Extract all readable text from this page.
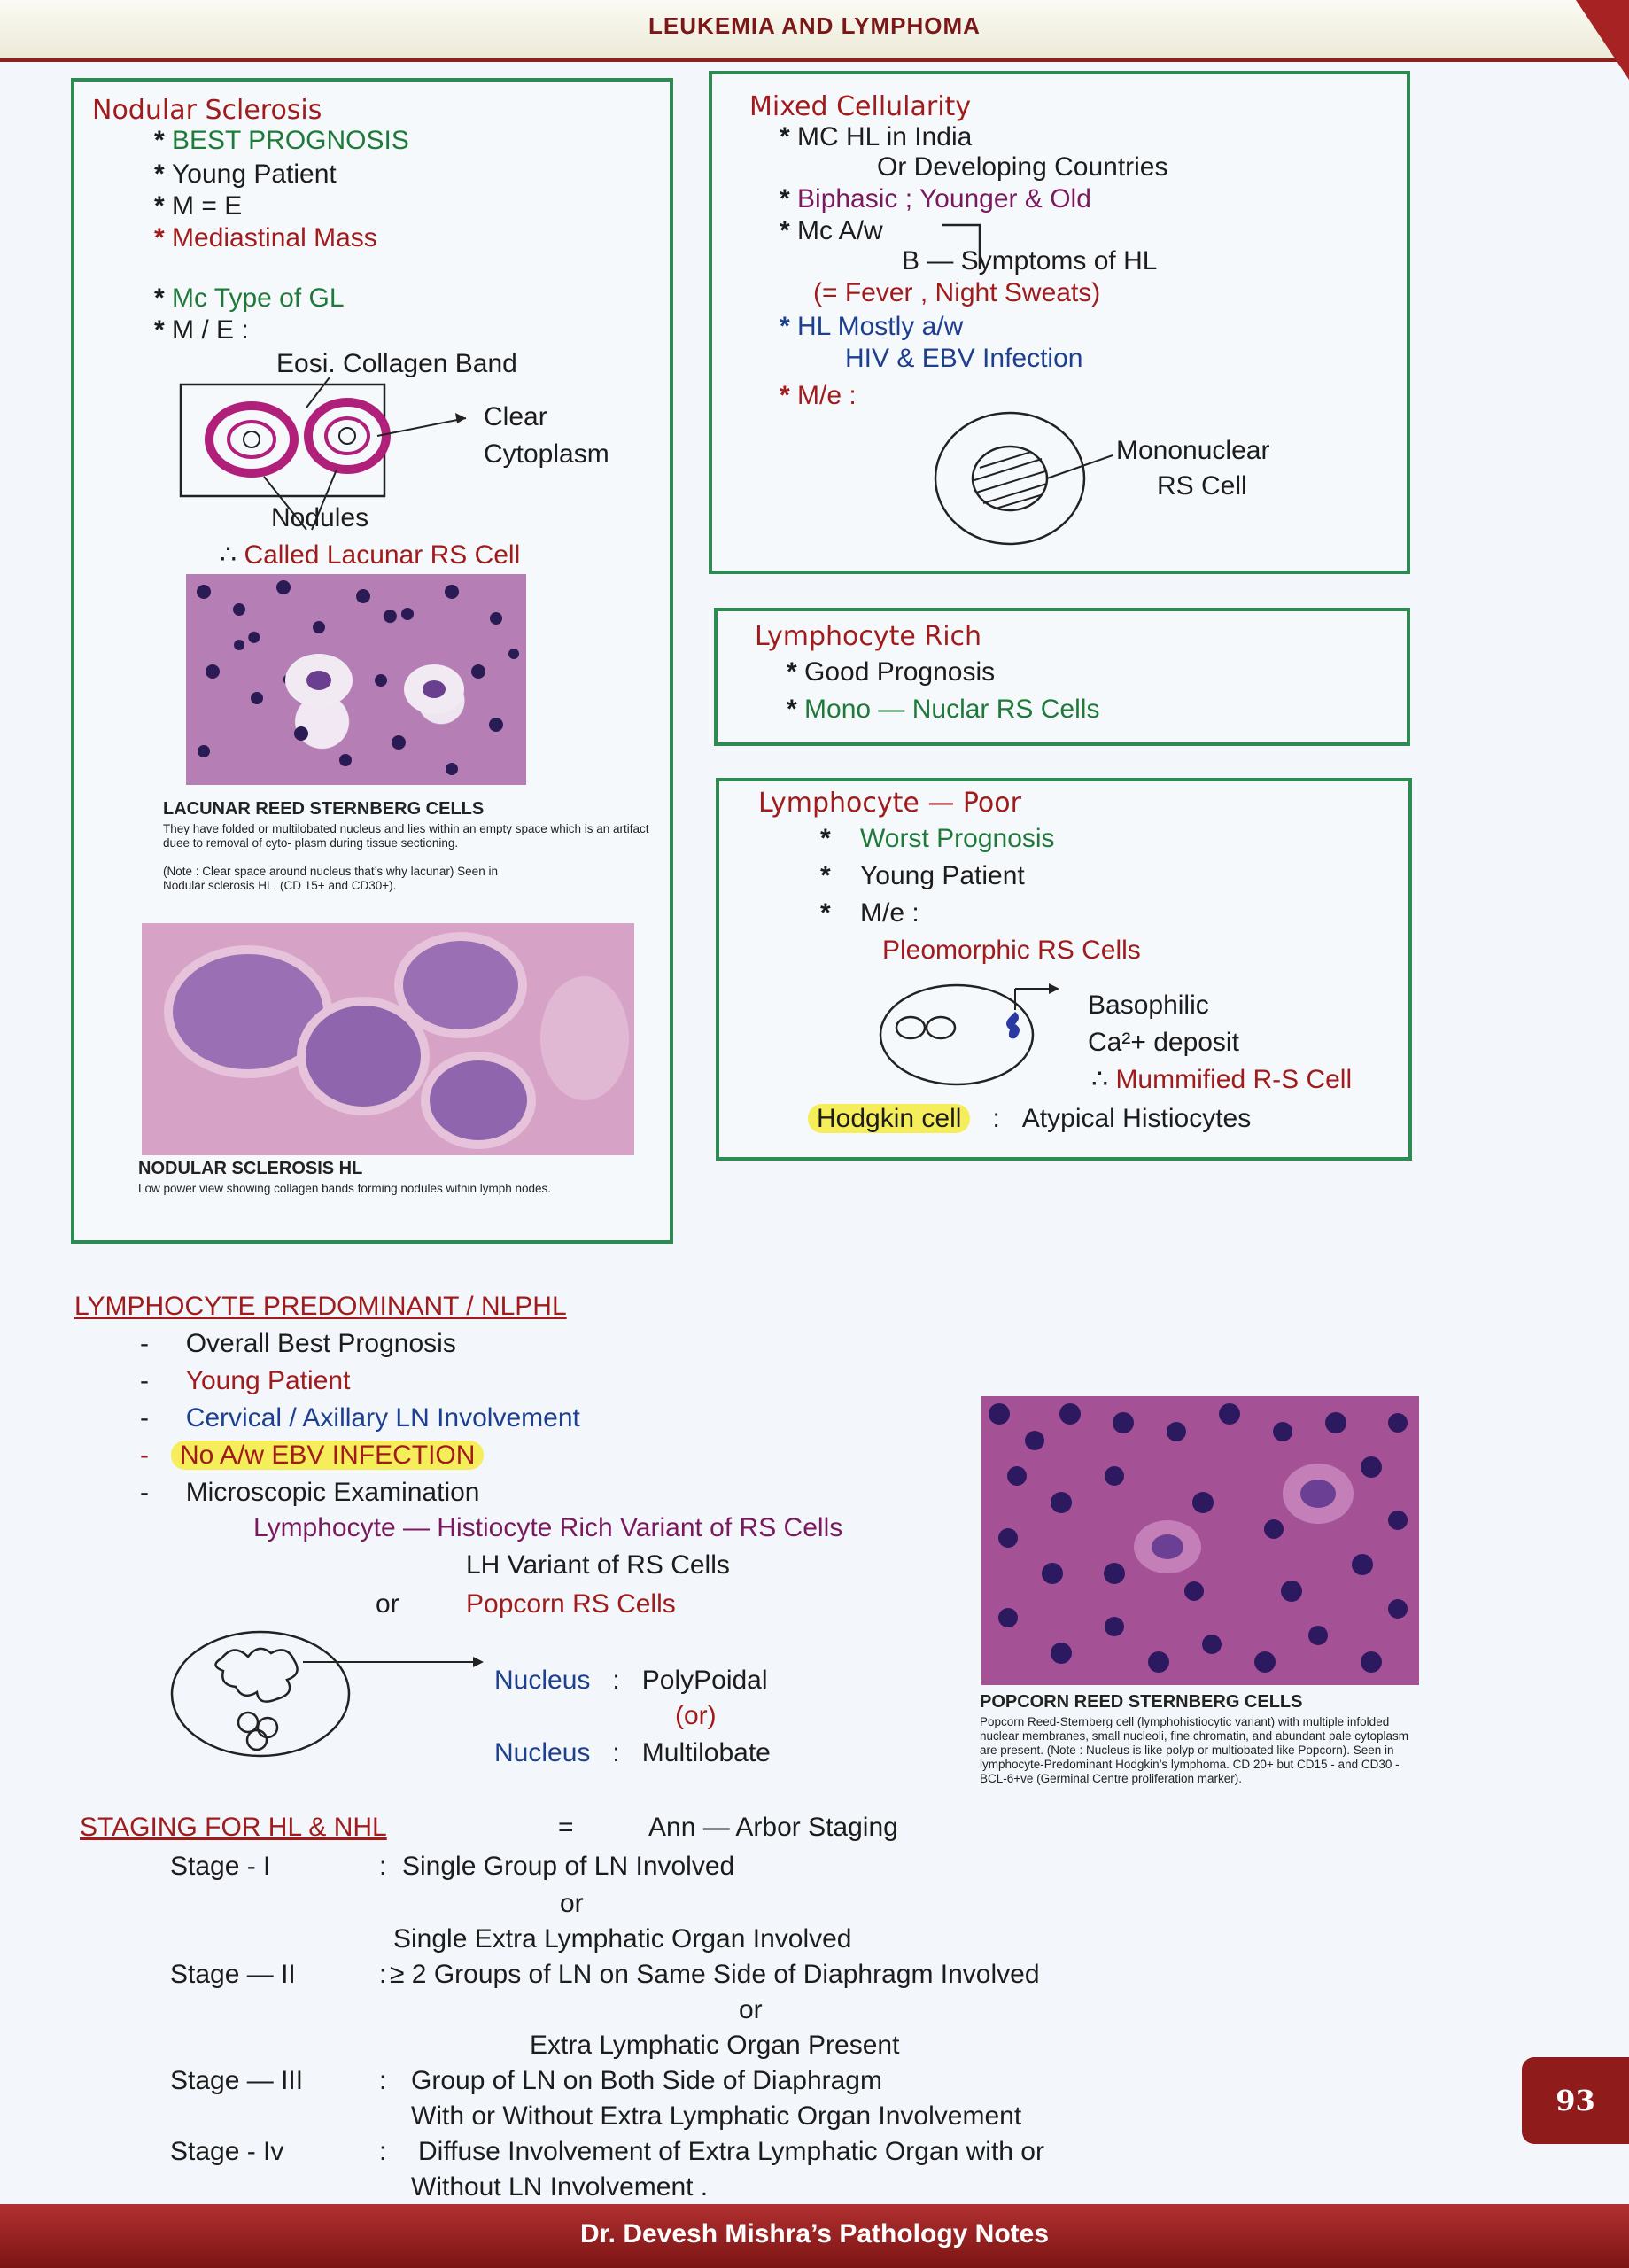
LEUKEMIA AND LYMPHOMA
Nodular Sclerosis
* BEST PROGNOSIS
* Young Patient
* M = E
* Mediastinal Mass
* Mc Type of GL
* M / E :
Eosi. Collagen Band
Clear
Cytoplasm
Nodules
∴ Called Lacunar RS Cell
LACUNAR REED STERNBERG CELLS
They have folded or multilobated nucleus and lies within an empty space which is an artifact duee to removal of cyto- plasm during tissue sectioning.
(Note : Clear space around nucleus that’s why lacunar) Seen in Nodular sclerosis HL. (CD 15+ and CD30+).
NODULAR SCLEROSIS HL
Low power view showing collagen bands forming nodules within lymph nodes.
Mixed Cellularity
* MC HL in India
Or Developing Countries
* Biphasic ; Younger & Old
* Mc A/w
B — Symptoms of HL
(= Fever , Night Sweats)
* HL Mostly a/w
HIV & EBV Infection
* M/e :
Mononuclear
RS Cell
Lymphocyte Rich
* Good Prognosis
* Mono — Nuclar RS Cells
Lymphocyte — Poor
*    Worst Prognosis
*    Young Patient
*    M/e :
Pleomorphic RS Cells
Basophilic
Ca²+ deposit
∴ Mummified R-S Cell
Hodgkin cell : Atypical Histiocytes
LYMPHOCYTE PREDOMINANT / NLPHL
- Overall Best Prognosis
- Young Patient
- Cervical / Axillary LN Involvement
- No A/w EBV INFECTION
- Microscopic Examination
Lymphocyte — Histiocyte Rich Variant of RS Cells
LH Variant of RS Cells
or	Popcorn RS Cells
Nucleus : PolyPoidal
(or)
Nucleus : Multilobate
POPCORN REED STERNBERG CELLS
Popcorn Reed-Sternberg cell (lymphohistiocytic variant) with multiple infolded nuclear membranes, small nucleoli, fine chromatin, and abundant pale cytoplasm are present. (Note : Nucleus is like polyp or multiobated like Popcorn). Seen in lymphocyte-Predominant Hodgkin’s lymphoma. CD 20+ but CD15 - and CD30 - BCL-6+ve (Germinal Centre proliferation marker).
STAGING FOR HL & NHL	=	Ann — Arbor Staging
Stage - I	: Single Group of LN Involved
or
Single Extra Lymphatic Organ Involved
Stage — II	: ≥ 2 Groups of LN on Same Side of Diaphragm Involved
or
Extra Lymphatic Organ Present
Stage — III	: Group of LN on Both Side of Diaphragm
With or Without Extra Lymphatic Organ Involvement
Stage - Iv	: Diffuse Involvement of Extra Lymphatic Organ with or
Without LN Involvement .
93
Dr. Devesh Mishra’s Pathology Notes
